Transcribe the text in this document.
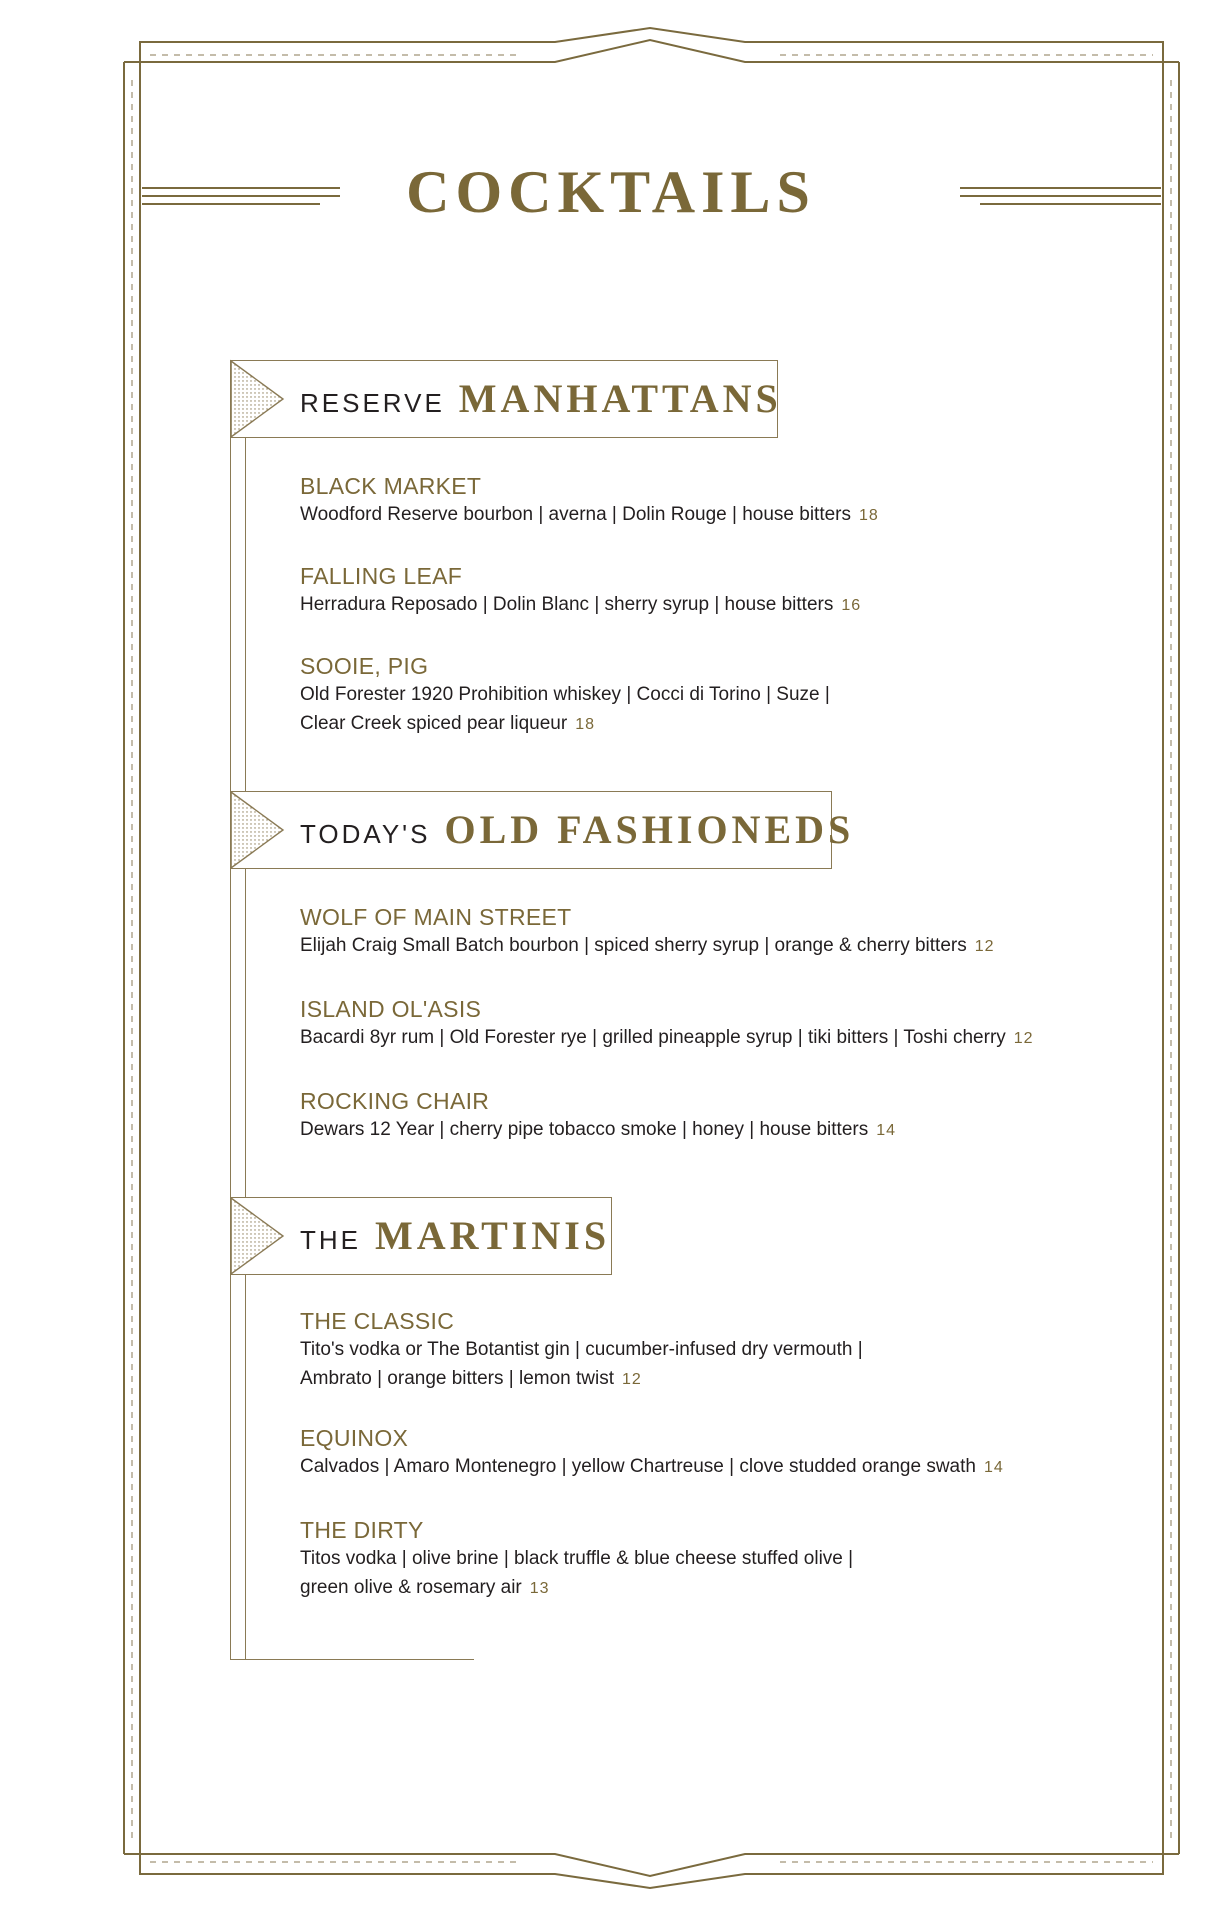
COCKTAILS
RESERVE MANHATTANS
BLACK MARKET
Woodford Reserve bourbon | averna | Dolin Rouge | house bitters 18
FALLING LEAF
Herradura Reposado | Dolin Blanc | sherry syrup | house bitters 16
SOOIE, PIG
Old Forester 1920 Prohibition whiskey | Cocci di Torino | Suze |
Clear Creek spiced pear liqueur 18
TODAY'S OLD FASHIONEDS
WOLF OF MAIN STREET
Elijah Craig Small Batch bourbon | spiced sherry syrup | orange & cherry bitters 12
ISLAND OL'ASIS
Bacardi 8yr rum | Old Forester rye | grilled pineapple syrup | tiki bitters | Toshi cherry 12
ROCKING CHAIR
Dewars 12 Year | cherry pipe tobacco smoke | honey | house bitters 14
THE MARTINIS
THE CLASSIC
Tito's vodka or The Botantist gin | cucumber-infused dry vermouth |
Ambrato | orange bitters | lemon twist 12
EQUINOX
Calvados | Amaro Montenegro | yellow Chartreuse | clove studded orange swath 14
THE DIRTY
Titos vodka | olive brine | black truffle & blue cheese stuffed olive |
green olive & rosemary air 13
